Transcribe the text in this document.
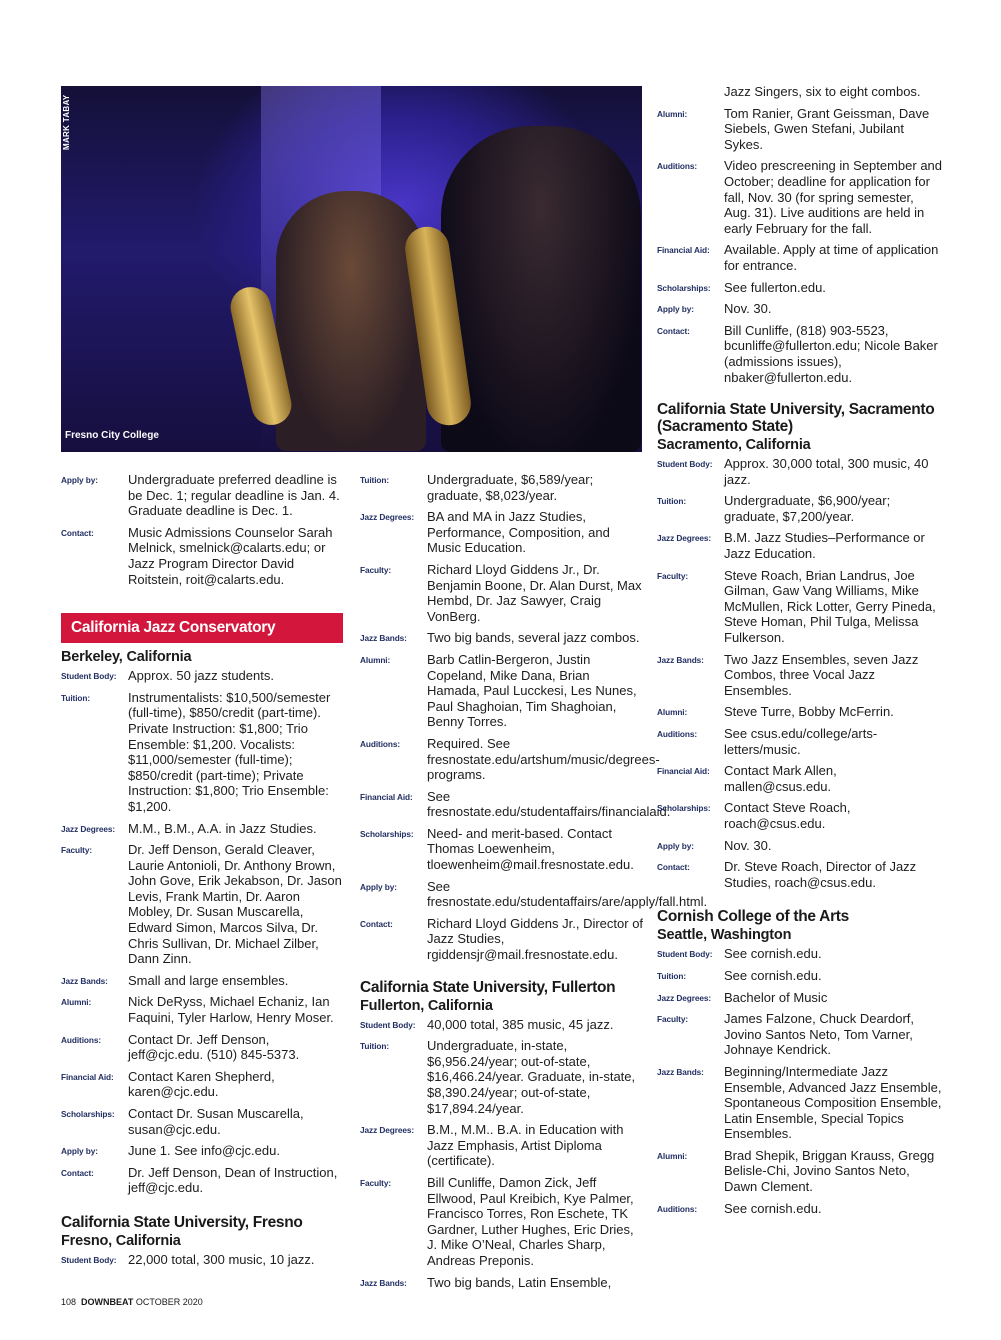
MARK TABAY
Fresno City College
Apply by:	Undergraduate preferred deadline is be Dec. 1; regular deadline is Jan. 4. Graduate deadline is Dec. 1.
Contact:	Music Admissions Counselor Sarah Melnick, smelnick@calarts.edu; or Jazz Program Director David Roitstein, roit@calarts.edu.
California Jazz Conservatory
Berkeley, California
Student Body: Approx. 50 jazz students.
Tuition:	Instrumentalists: $10,500/semester (full-time), $850/credit (part-time). Private Instruction: $1,800; Trio Ensemble: $1,200. Vocalists: $11,000/semester (full-time); $850/credit (part-time); Private Instruction: $1,800; Trio Ensemble: $1,200.
Jazz Degrees: M.M., B.M., A.A. in Jazz Studies.
Faculty:	Dr. Jeff Denson, Gerald Cleaver, Laurie Antonioli, Dr. Anthony Brown, John Gove, Erik Jekabson, Dr. Jason Levis, Frank Martin, Dr. Aaron Mobley, Dr. Susan Muscarella, Edward Simon, Marcos Silva, Dr. Chris Sullivan, Dr. Michael Zilber, Dann Zinn.
Jazz Bands:	Small and large ensembles.
Alumni:	Nick DeRyss, Michael Echaniz, Ian Faquini, Tyler Harlow, Henry Moser.
Auditions:	Contact Dr. Jeff Denson, jeff@cjc.edu. (510) 845-5373.
Financial Aid:	Contact Karen Shepherd, karen@cjc.edu.
Scholarships:	Contact Dr. Susan Muscarella, susan@cjc.edu.
Apply by:	June 1. See info@cjc.edu.
Contact:	Dr. Jeff Denson, Dean of Instruction, jeff@cjc.edu.
California State University, Fresno
Fresno, California
Student Body: 22,000 total, 300 music, 10 jazz.
Tuition:	Undergraduate, $6,589/year; graduate, $8,023/year.
Jazz Degrees: BA and MA in Jazz Studies, Performance, Composition, and Music Education.
Faculty:	Richard Lloyd Giddens Jr., Dr. Benjamin Boone, Dr. Alan Durst, Max Hembd, Dr. Jaz Sawyer, Craig VonBerg.
Jazz Bands:	Two big bands, several jazz combos.
Alumni:	Barb Catlin-Bergeron, Justin Copeland, Mike Dana, Brian Hamada, Paul Lucckesi, Les Nunes, Paul Shaghoian, Tim Shaghoian, Benny Torres.
Auditions:	Required. See fresnostate.edu/artshum/music/degrees-programs.
Financial Aid:	See fresnostate.edu/studentaffairs/financialaid.
Scholarships:	Need- and merit-based. Contact Thomas Loewenheim, tloewenheim@mail.fresnostate.edu.
Apply by:	See fresnostate.edu/studentaffairs/are/apply/fall.html.
Contact:	Richard Lloyd Giddens Jr., Director of Jazz Studies, rgiddensjr@mail.fresnostate.edu.
California State University, Fullerton
Fullerton, California
Student Body: 40,000 total, 385 music, 45 jazz.
Tuition:	Undergraduate, in-state, $6,956.24/year; out-of-state, $16,466.24/year. Graduate, in-state, $8,390.24/year; out-of-state, $17,894.24/year.
Jazz Degrees: B.M., M.M.. B.A. in Education with Jazz Emphasis, Artist Diploma (certificate).
Faculty:	Bill Cunliffe, Damon Zick, Jeff Ellwood, Paul Kreibich, Kye Palmer, Francisco Torres, Ron Eschete, TK Gardner, Luther Hughes, Eric Dries, J. Mike O’Neal, Charles Sharp, Andreas Preponis.
Jazz Bands:	Two big bands, Latin Ensemble,
Jazz Singers, six to eight combos.
Alumni:	Tom Ranier, Grant Geissman, Dave Siebels, Gwen Stefani, Jubilant Sykes.
Auditions:	Video prescreening in September and October; deadline for application for fall, Nov. 30 (for spring semester, Aug. 31). Live auditions are held in early February for the fall.
Financial Aid:	Available. Apply at time of application for entrance.
Scholarships:	See fullerton.edu.
Apply by:	Nov. 30.
Contact:	Bill Cunliffe, (818) 903-5523, bcunliffe@fullerton.edu; Nicole Baker (admissions issues), nbaker@fullerton.edu.
California State University, Sacramento (Sacramento State)
Sacramento, California
Student Body: Approx. 30,000 total, 300 music, 40 jazz.
Tuition:	Undergraduate, $6,900/year; graduate, $7,200/year.
Jazz Degrees: B.M. Jazz Studies–Performance or Jazz Education.
Faculty:	Steve Roach, Brian Landrus, Joe Gilman, Gaw Vang Williams, Mike McMullen, Rick Lotter, Gerry Pineda, Steve Homan, Phil Tulga, Melissa Fulkerson.
Jazz Bands:	Two Jazz Ensembles, seven Jazz Combos, three Vocal Jazz Ensembles.
Alumni:	Steve Turre, Bobby McFerrin.
Auditions:	See csus.edu/college/arts-letters/music.
Financial Aid:	Contact Mark Allen, mallen@csus.edu.
Scholarships:	Contact Steve Roach, roach@csus.edu.
Apply by:	Nov. 30.
Contact:	Dr. Steve Roach, Director of Jazz Studies, roach@csus.edu.
Cornish College of the Arts
Seattle, Washington
Student Body: See cornish.edu.
Tuition:	See cornish.edu.
Jazz Degrees: Bachelor of Music
Faculty:	James Falzone, Chuck Deardorf, Jovino Santos Neto, Tom Varner, Johnaye Kendrick.
Jazz Bands:	Beginning/Intermediate Jazz Ensemble, Advanced Jazz Ensemble, Spontaneous Composition Ensemble, Latin Ensemble, Special Topics Ensembles.
Alumni:	Brad Shepik, Briggan Krauss, Gregg Belisle-Chi, Jovino Santos Neto, Dawn Clement.
Auditions:	See cornish.edu.
108 DOWNBEAT OCTOBER 2020
